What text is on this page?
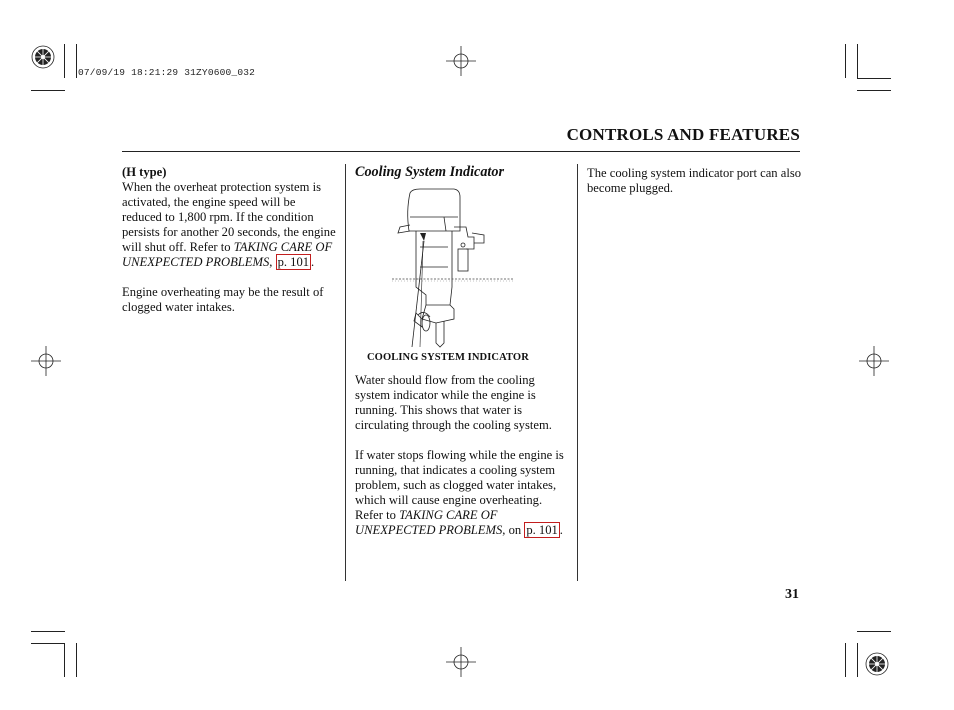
07/09/19 18:21:29 31ZY0600_032
CONTROLS AND FEATURES

(H type)

When the overheat protection system is activated, the engine speed will be reduced to 1,800 rpm. If the condition persists for another 20 seconds, the engine will shut off. Refer to TAKING CARE OF UNEXPECTED PROBLEMS, p. 101 .

Engine overheating may be the result of clogged water intakes.

Cooling System Indicator

COOLING SYSTEM INDICATOR

Water should flow from the cooling system indicator while the engine is running. This shows that water is circulating through the cooling system.

If water stops flowing while the engine is running, that indicates a cooling system problem, such as clogged water intakes, which will cause engine overheating. Refer to TAKING CARE OF UNEXPECTED PROBLEMS, on p. 101 .

The cooling system indicator port can also become plugged.

31
